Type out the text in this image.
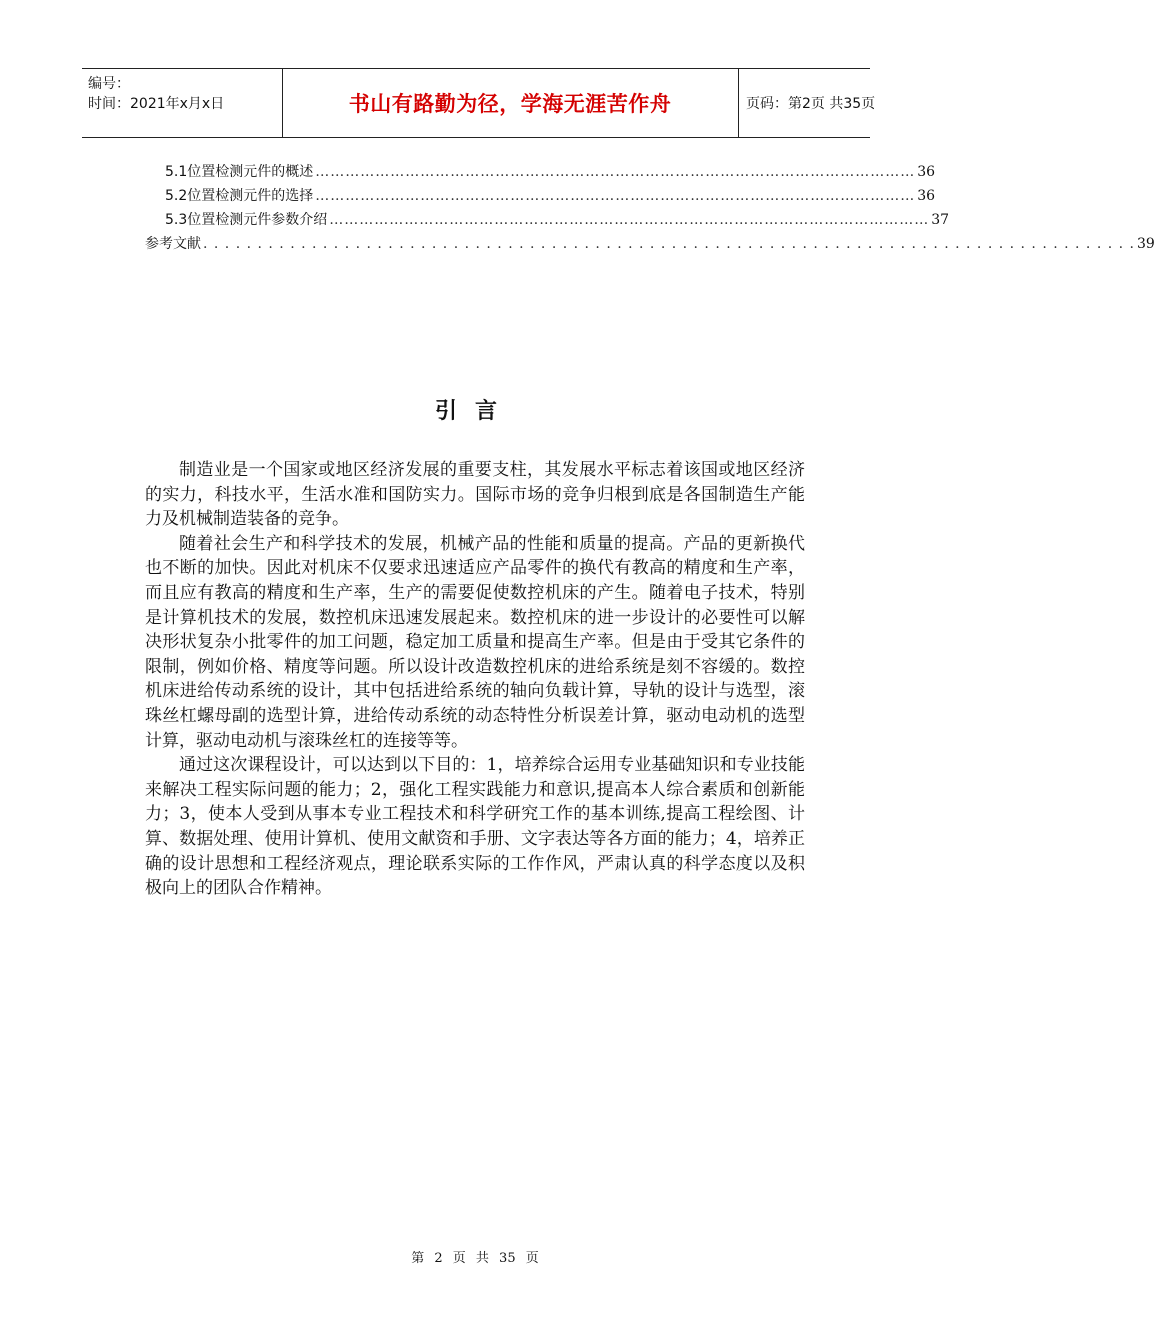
编号：
时间：2021年x月x日	书山有路勤为径，学海无涯苦作舟	页码：第2页 共35页
5.1 位置检测元件的概述 ………………………………………………………………………………………………………… 36
5.2 位置检测元件的选择 ………………………………………………………………………………………………………… 36
5.3 位置检测元件参数介绍 ………………………………………………………………………………………………………… 37
参考文献 . . . . . . . . . . . . . . . . . . . . . . . . . . . . . . . . . . . . . . . . . . . . . . . . . . . . . . . . . . . . . . . . . . . . . . . . . . . . . . . . . . . . . . 39
引言

制造业是一个国家或地区经济发展的重要支柱，其发展水平标志着该国或地区经济的实力，科技水平，生活水准和国防实力。国际市场的竞争归根到底是各国制造生产能力及机械制造装备的竞争。

随着社会生产和科学技术的发展，机械产品的性能和质量的提高。产品的更新换代也不断的加快。因此对机床不仅要求迅速适应产品零件的换代有教高的精度和生产率，而且应有教高的精度和生产率，生产的需要促使数控机床的产生。随着电子技术，特别是计算机技术的发展，数控机床迅速发展起来。数控机床的进一步设计的必要性可以解决形状复杂小批零件的加工问题，稳定加工质量和提高生产率。但是由于受其它条件的限制，例如价格、精度等问题。所以设计改造数控机床的进给系统是刻不容缓的。数控机床进给传动系统的设计，其中包括进给系统的轴向负载计算，导轨的设计与选型，滚珠丝杠螺母副的选型计算，进给传动系统的动态特性分析误差计算，驱动电动机的选型计算，驱动电动机与滚珠丝杠的连接等等。

通过这次课程设计，可以达到以下目的：1，培养综合运用专业基础知识和专业技能来解决工程实际问题的能力；2，强化工程实践能力和意识,提高本人综合素质和创新能力；3，使本人受到从事本专业工程技术和科学研究工作的基本训练,提高工程绘图、计算、数据处理、使用计算机、使用文献资和手册、文字表达等各方面的能力；4，培养正确的设计思想和工程经济观点，理论联系实际的工作作风，严肃认真的科学态度以及积极向上的团队合作精神。

第 2 页 共 35 页
